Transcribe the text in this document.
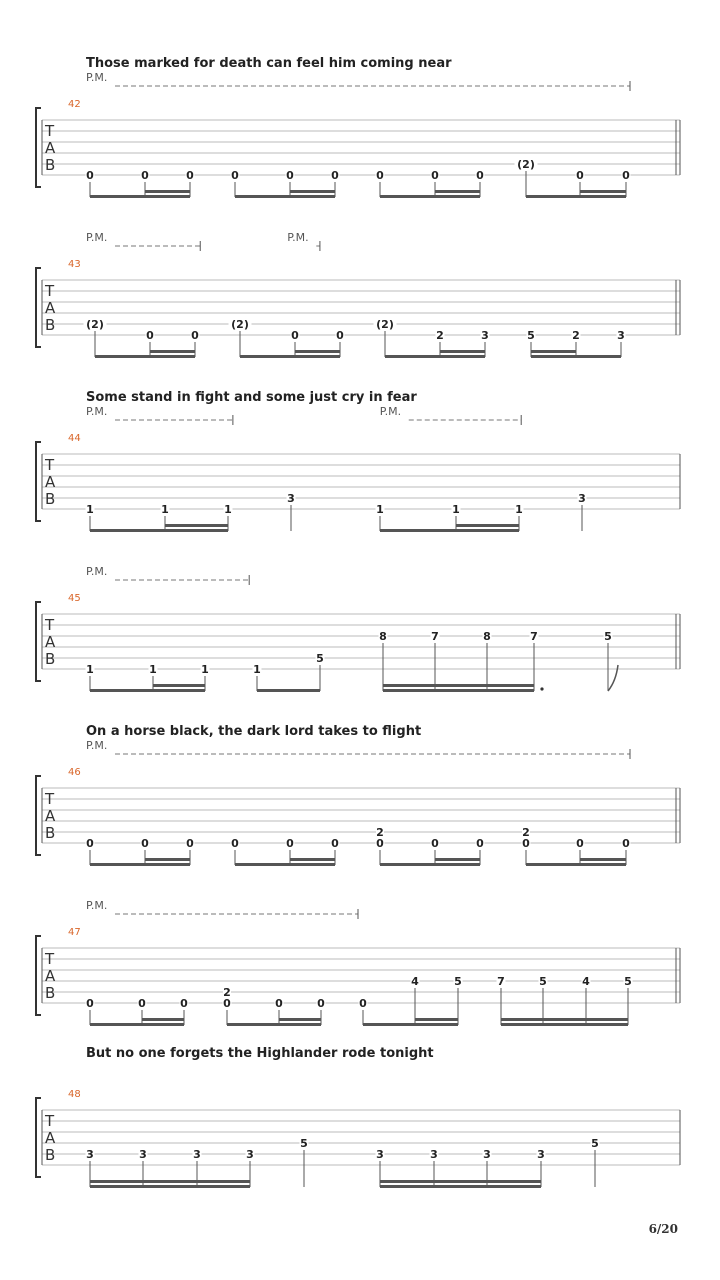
Those marked for death can feel him coming near
P.M.
42
T
A
B
0	0	0	0	0	0	0	0	0
(2)
0	0
P.M.	P.M.
43
T
A
B	(2)
0	0
(2)
0	0
(2)
2	3	5	2	3
Some stand in fight and some just cry in fear
P.M.	P.M.
44
T
A
B
1	1	1
3
1	1	1
3
P.M.
45
T
A
B
1	1	1	1
5
8	7	8	7	5
On a horse black, the dark lord takes to flight
P.M.
46
T
A
B
0	0	0	0	0	0	0
2
0	0	0
2
0	0
P.M.
47
T
A
B
0	0	0	0
2
0	0	0
4	5	7	5	4	5
But no one forgets the Highlander rode tonight
48
T
A
B	3	3	3	3
5
3	3	3	3
5
6/20
